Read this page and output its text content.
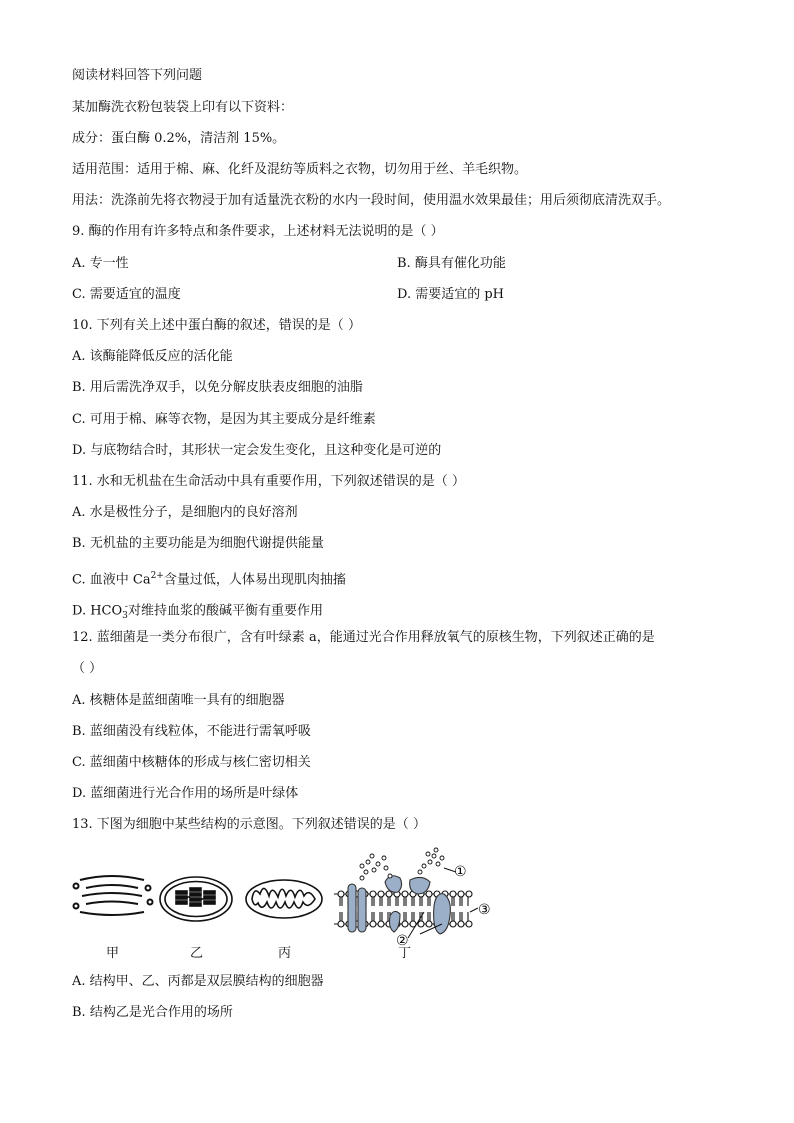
阅读材料回答下列问题
某加酶洗衣粉包装袋上印有以下资料：
成分：蛋白酶 0.2%，清洁剂 15%。
适用范围：适用于棉、麻、化纤及混纺等质料之衣物，切勿用于丝、羊毛织物。
用法：洗涤前先将衣物浸于加有适量洗衣粉的水内一段时间，使用温水效果最佳；用后须彻底清洗双手。
9. 酶的作用有许多特点和条件要求，上述材料无法说明的是（ ）
A. 专一性	B. 酶具有催化功能
C. 需要适宜的温度	D. 需要适宜的 pH
10. 下列有关上述中蛋白酶的叙述，错误的是（ ）
A. 该酶能降低反应的活化能
B. 用后需洗净双手，以免分解皮肤表皮细胞的油脂
C. 可用于棉、麻等衣物，是因为其主要成分是纤维素
D. 与底物结合时，其形状一定会发生变化，且这种变化是可逆的
11. 水和无机盐在生命活动中具有重要作用，下列叙述错误的是（ ）
A. 水是极性分子，是细胞内的良好溶剂
B. 无机盐的主要功能是为细胞代谢提供能量
C. 血液中 $Ca^{2+}$含量过低，人体易出现肌肉抽搐
D. $HCO_3^-$对维持血浆的酸碱平衡有重要作用
12. 蓝细菌是一类分布很广，含有叶绿素 a，能通过光合作用释放氧气的原核生物，下列叙述正确的是
（ ）
A. 核糖体是蓝细菌唯一具有的细胞器
B. 蓝细菌没有线粒体，不能进行需氧呼吸
C. 蓝细菌中核糖体的形成与核仁密切相关
D. 蓝细菌进行光合作用的场所是叶绿体
13. 下图为细胞中某些结构的示意图。下列叙述错误的是（ ）
①
②
③
甲	乙	丙	丁
A. 结构甲、乙、丙都是双层膜结构的细胞器
B. 结构乙是光合作用的场所
